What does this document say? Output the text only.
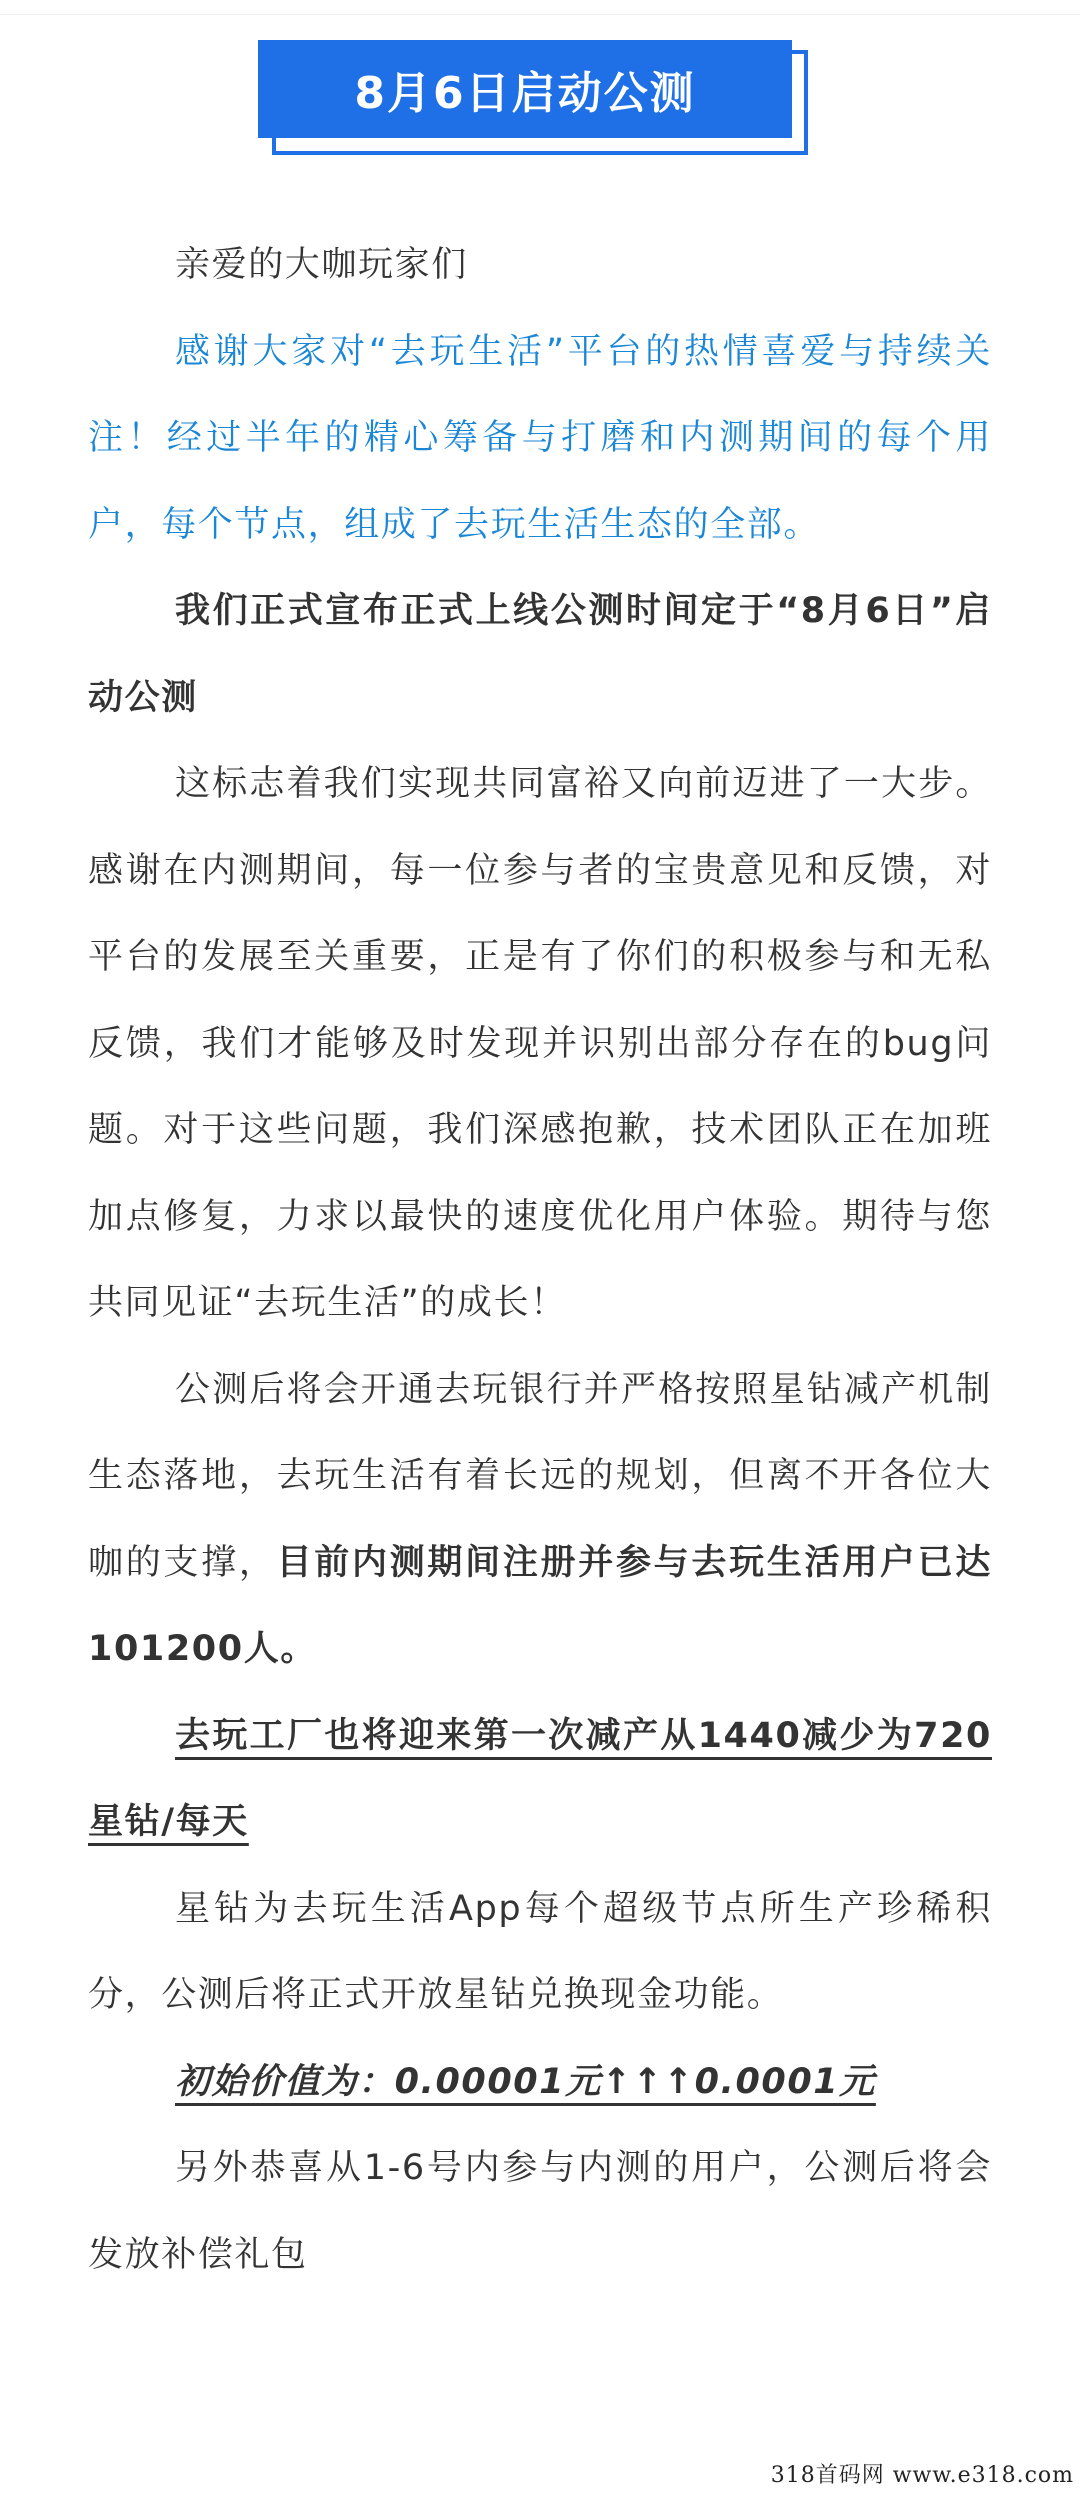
8月6日启动公测

亲爱的大咖玩家们

感谢大家对“去玩生活”平台的热情喜爱与持续关注！经过半年的精心筹备与打磨和内测期间的每个用户，每个节点，组成了去玩生活生态的全部。

我们正式宣布正式上线公测时间定于“8月6日”启动公测

这标志着我们实现共同富裕又向前迈进了一大步。感谢在内测期间，每一位参与者的宝贵意见和反馈，对平台的发展至关重要，正是有了你们的积极参与和无私反馈，我们才能够及时发现并识别出部分存在的bug问题。对于这些问题，我们深感抱歉，技术团队正在加班加点修复，力求以最快的速度优化用户体验。期待与您共同见证“去玩生活”的成长！

公测后将会开通去玩银行并严格按照星钻减产机制生态落地，去玩生活有着长远的规划，但离不开各位大咖的支撑，目前内测期间注册并参与去玩生活用户已达101200人。

去玩工厂也将迎来第一次减产从1440减少为720星钻/每天

星钻为去玩生活App每个超级节点所生产珍稀积分，公测后将正式开放星钻兑换现金功能。

初始价值为：0.00001元↑↑↑0.0001元

另外恭喜从1-6号内参与内测的用户，公测后将会发放补偿礼包

318首码网 www.e318.com
